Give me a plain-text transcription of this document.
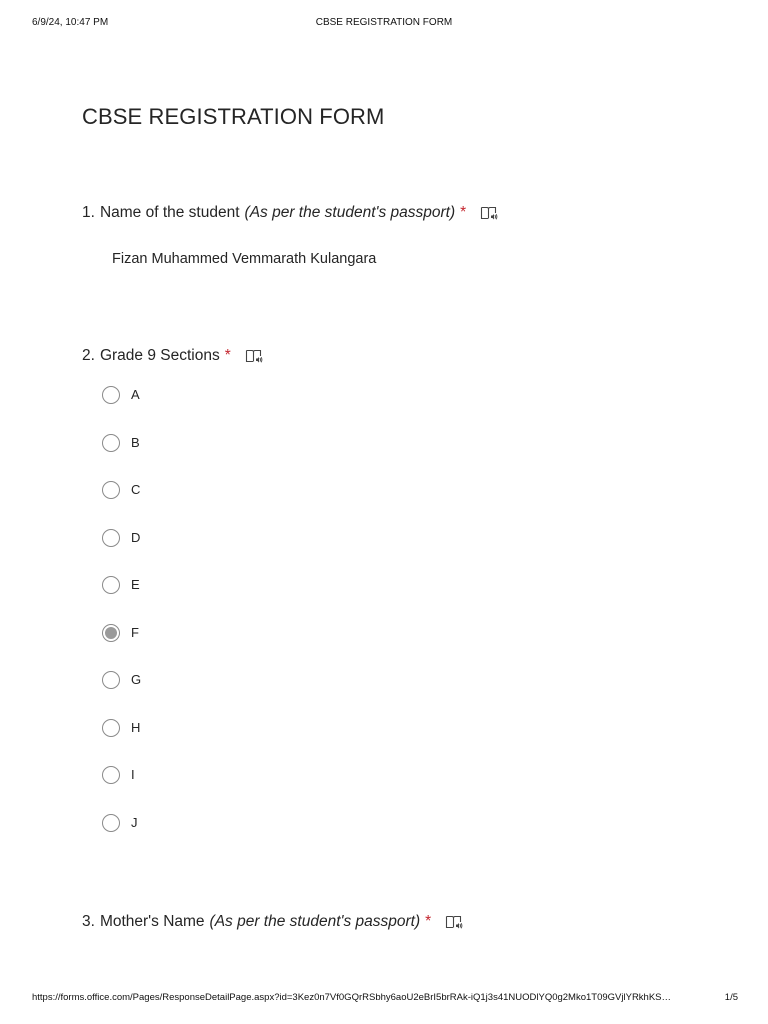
6/9/24, 10:47 PM	CBSE REGISTRATION FORM
CBSE REGISTRATION FORM
1. Name of the student (As per the student's passport) *
Fizan Muhammed Vemmarath Kulangara
2. Grade 9 Sections *
A
B
C
D
E
F
G
H
I
J
3. Mother's Name (As per the student's passport) *
https://forms.office.com/Pages/ResponseDetailPage.aspx?id=3Kez0n7Vf0GQrRSbhy6aoU2eBrI5brRAk-iQ1j3s41NUODlYQ0g2Mko1T09GVjlYRkhKS…	1/5
